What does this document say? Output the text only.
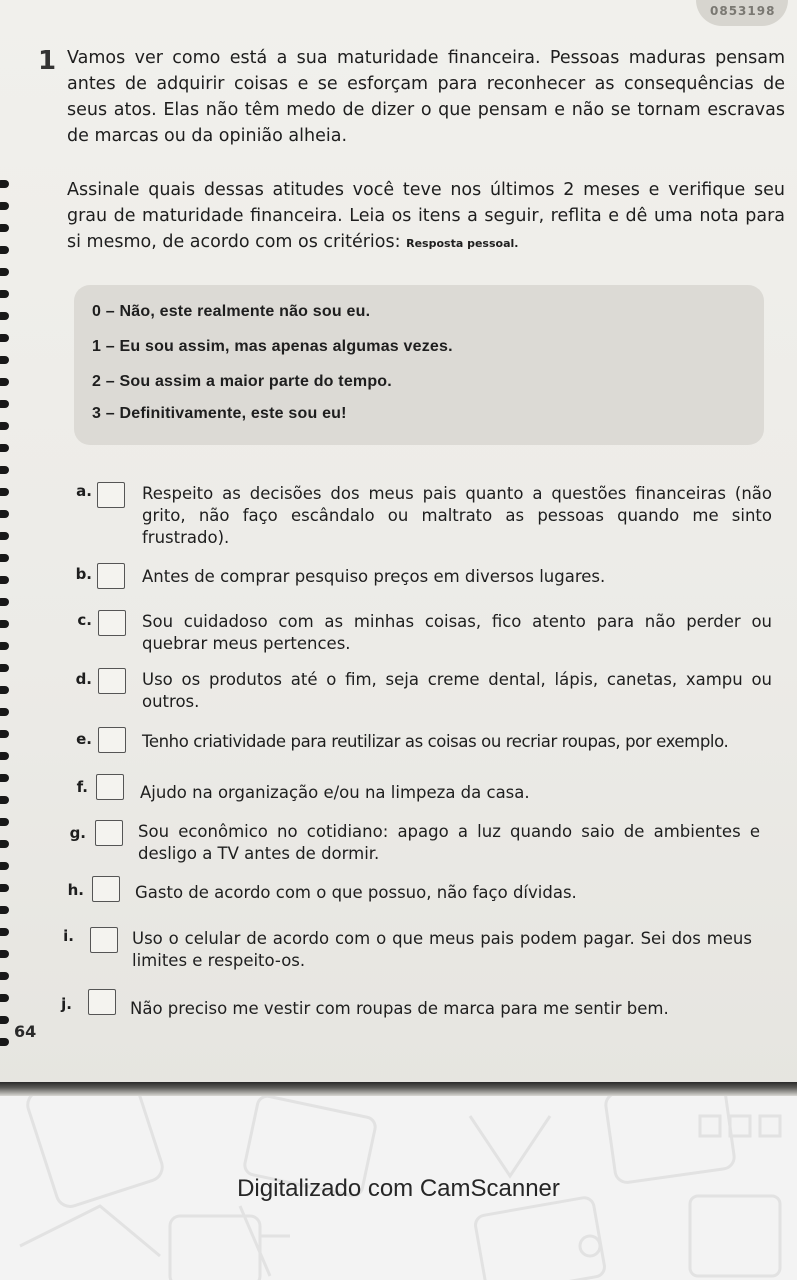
0853198
1 Vamos ver como está a sua maturidade financeira. Pessoas maduras pensam antes de adquirir coisas e se esforçam para reconhecer as consequências de seus atos. Elas não têm medo de dizer o que pensam e não se tornam escravas de marcas ou da opinião alheia.

Assinale quais dessas atitudes você teve nos últimos 2 meses e verifique seu grau de maturidade financeira. Leia os itens a seguir, reflita e dê uma nota para si mesmo, de acordo com os critérios: Resposta pessoal.

0 – Não, este realmente não sou eu.
1 – Eu sou assim, mas apenas algumas vezes.
2 – Sou assim a maior parte do tempo.
3 – Definitivamente, este sou eu!
a.	Respeito as decisões dos meus pais quanto a questões financeiras (não grito, não faço escândalo ou maltrato as pessoas quando me sinto frustrado).

b.	Antes de comprar pesquiso preços em diversos lugares.

c.	Sou cuidadoso com as minhas coisas, fico atento para não perder ou quebrar meus pertences.

d.	Uso os produtos até o fim, seja creme dental, lápis, canetas, xampu ou outros.

e.	Tenho criatividade para reutilizar as coisas ou recriar roupas, por exemplo.

f.	Ajudo na organização e/ou na limpeza da casa.

g.	Sou econômico no cotidiano: apago a luz quando saio de ambientes e desligo a TV antes de dormir.

h.	Gasto de acordo com o que possuo, não faço dívidas.

i.	Uso o celular de acordo com o que meus pais podem pagar. Sei dos meus limites e respeito-os.

j.	Não preciso me vestir com roupas de marca para me sentir bem.

64
Digitalizado com CamScanner
